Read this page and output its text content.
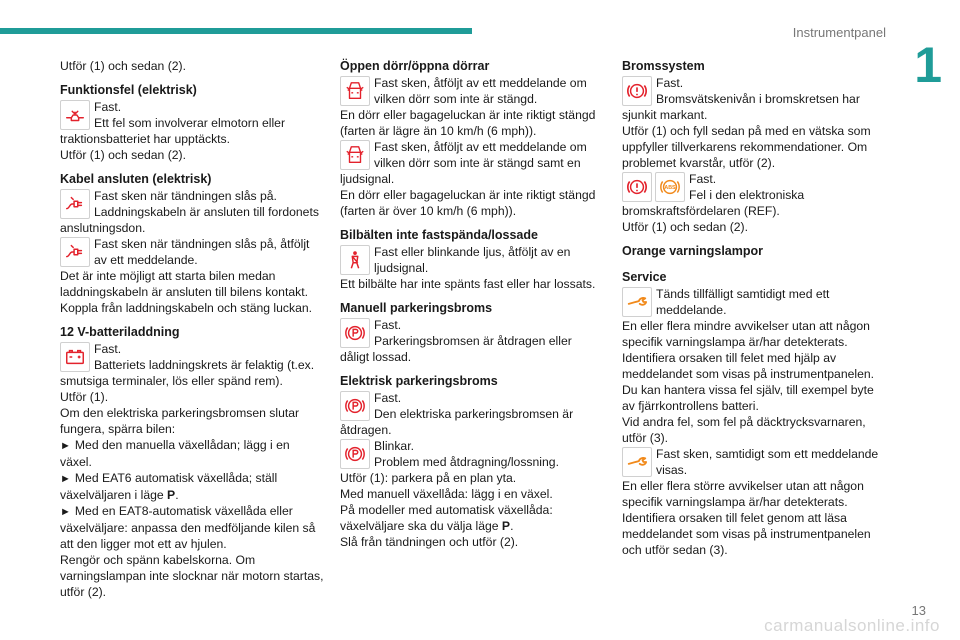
Instrumentpanel
1
13
carmanualsonline.info

Utför (1) och sedan (2).

Funktionsfel (elektrisk)
Fast.
Ett fel som involverar elmotorn eller traktionsbatteriet har upptäckts.

Utför (1) och sedan (2).

Kabel ansluten (elektrisk)
Fast sken när tändningen slås på. Laddningskabeln är ansluten till fordonets anslutningsdon.
Fast sken när tändningen slås på, åtföljt av ett meddelande.

Det är inte möjligt att starta bilen medan laddningskabeln är ansluten till bilens kontakt. Koppla från laddningskabeln och stäng luckan.

12 V-batteriladdning
Fast.
Batteriets laddningskrets är felaktig (t.ex. smutsiga terminaler, lös eller spänd rem).

Utför (1).

Om den elektriska parkeringsbromsen slutar fungera, spärra bilen:

► Med den manuella växellådan; lägg i en växel.

► Med EAT6 automatisk växellåda; ställ växelväljaren i läge P.

► Med en EAT8-automatisk växellåda eller växelväljare: anpassa den medföljande kilen så att den ligger mot ett av hjulen.

Rengör och spänn kabelskorna. Om varningslampan inte slocknar när motorn startas, utför (2).

Öppen dörr/öppna dörrar
Fast sken, åtföljt av ett meddelande om vilken dörr som inte är stängd.

En dörr eller bagageluckan är inte riktigt stängd (farten är lägre än 10 km/h (6 mph)).

Fast sken, åtföljt av ett meddelande om vilken dörr som inte är stängd samt en ljudsignal.

En dörr eller bagageluckan är inte riktigt stängd (farten är över 10 km/h (6 mph)).

Bilbälten inte fastspända/lossade
Fast eller blinkande ljus, åtföljt av en ljudsignal.

Ett bilbälte har inte spänts fast eller har lossats.

Manuell parkeringsbroms
Fast.
Parkeringsbromsen är åtdragen eller dåligt lossad.
Elektrisk parkeringsbroms
Fast.
Den elektriska parkeringsbromsen är åtdragen.
Blinkar.
Problem med åtdragning/lossning.

Utför (1): parkera på en plan yta.

Med manuell växellåda: lägg i en växel.

På modeller med automatisk växellåda: växelväljare ska du välja läge P.

Slå från tändningen och utför (2).

Bromssystem
Fast.
Bromsvätskenivån i bromskretsen har sjunkit markant.

Utför (1) och fyll sedan på med en vätska som uppfyller tillverkarens rekommendationer. Om problemet kvarstår, utför (2).

ABS
Fast.
Fel i den elektroniska bromskraftsfördelaren (REF).

Utför (1) och sedan (2).

Orange varningslampor
Service
Tänds tillfälligt samtidigt med ett meddelande.

En eller flera mindre avvikelser utan att någon specifik varningslampa är/har detekterats.

Identifiera orsaken till felet med hjälp av meddelandet som visas på instrumentpanelen.

Du kan hantera vissa fel själv, till exempel byte av fjärrkontrollens batteri.

Vid andra fel, som fel på däcktrycksvarnaren, utför (3).

Fast sken, samtidigt som ett meddelande visas.

En eller flera större avvikelser utan att någon specifik varningslampa är/har detekterats.

Identifiera orsaken till felet genom att läsa meddelandet som visas på instrumentpanelen och utför sedan (3).
